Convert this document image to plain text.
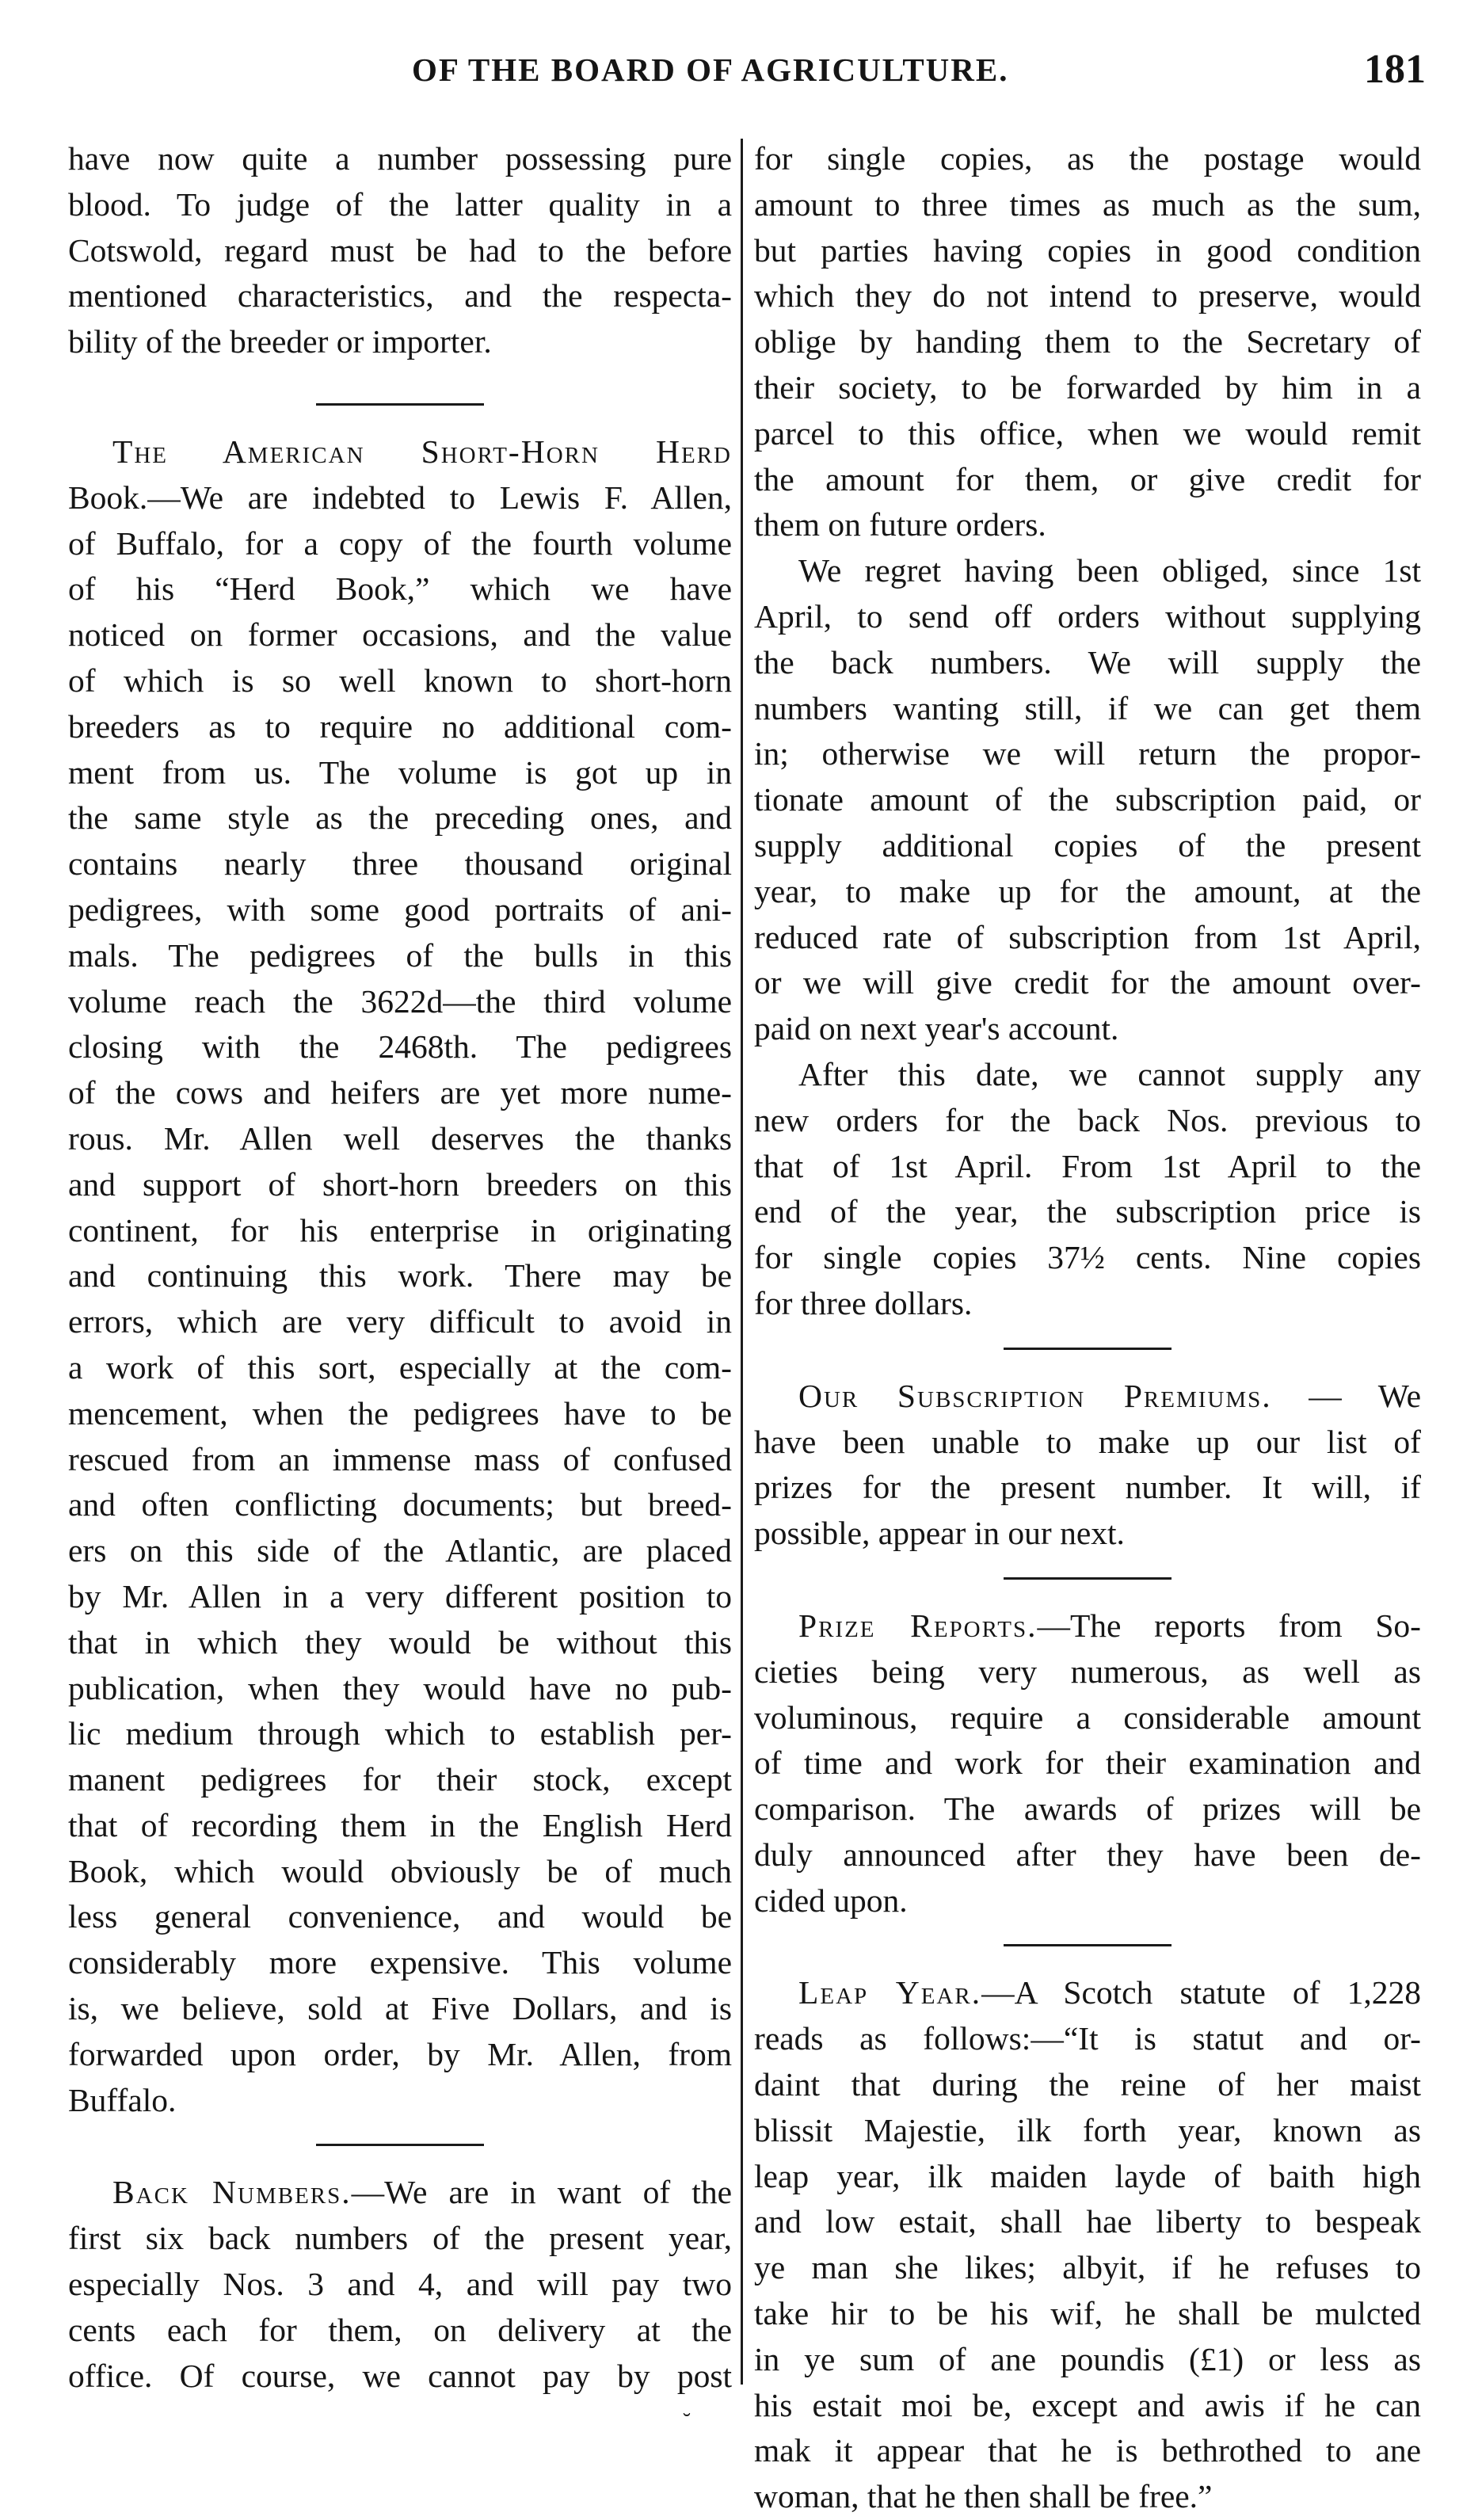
OF THE BOARD OF AGRICULTURE.	181
have now quite a number possessing pure
blood. To judge of the latter quality in a
Cotswold, regard must be had to the before
mentioned characteristics, and the respecta-
bility of the breeder or importer.
The American Short-Horn Herd
Book.—We are indebted to Lewis F. Allen,
of Buffalo, for a copy of the fourth volume
of his “Herd Book,” which we have
noticed on former occasions, and the value
of which is so well known to short-horn
breeders as to require no additional com-
ment from us. The volume is got up in
the same style as the preceding ones, and
contains nearly three thousand original
pedigrees, with some good portraits of ani-
mals. The pedigrees of the bulls in this
volume reach the 3622d—the third volume
closing with the 2468th. The pedigrees
of the cows and heifers are yet more nume-
rous. Mr. Allen well deserves the thanks
and support of short-horn breeders on this
continent, for his enterprise in originating
and continuing this work. There may be
errors, which are very difficult to avoid in
a work of this sort, especially at the com-
mencement, when the pedigrees have to be
rescued from an immense mass of confused
and often conflicting documents; but breed-
ers on this side of the Atlantic, are placed
by Mr. Allen in a very different position to
that in which they would be without this
publication, when they would have no pub-
lic medium through which to establish per-
manent pedigrees for their stock, except
that of recording them in the English Herd
Book, which would obviously be of much
less general convenience, and would be
considerably more expensive. This volume
is, we believe, sold at Five Dollars, and is
forwarded upon order, by Mr. Allen, from
Buffalo.
Back Numbers.—We are in want of the
first six back numbers of the present year,
especially Nos. 3 and 4, and will pay two
cents each for them, on delivery at the
office. Of course, we cannot pay by post
for single copies, as the postage would
amount to three times as much as the sum,
but parties having copies in good condition
which they do not intend to preserve, would
oblige by handing them to the Secretary of
their society, to be forwarded by him in a
parcel to this office, when we would remit
the amount for them, or give credit for
them on future orders.
We regret having been obliged, since 1st
April, to send off orders without supplying
the back numbers. We will supply the
numbers wanting still, if we can get them
in; otherwise we will return the propor-
tionate amount of the subscription paid, or
supply additional copies of the present
year, to make up for the amount, at the
reduced rate of subscription from 1st April,
or we will give credit for the amount over-
paid on next year's account.
After this date, we cannot supply any
new orders for the back Nos. previous to
that of 1st April. From 1st April to the
end of the year, the subscription price is
for single copies 37½ cents. Nine copies
for three dollars.
Our Subscription Premiums. — We
have been unable to make up our list of
prizes for the present number. It will, if
possible, appear in our next.
Prize Reports.—The reports from So-
cieties being very numerous, as well as
voluminous, require a considerable amount
of time and work for their examination and
comparison. The awards of prizes will be
duly announced after they have been de-
cided upon.
Leap Year.—A Scotch statute of 1,228
reads as follows:—“It is statut and or-
daint that during the reine of her maist
blissit Majestie, ilk forth year, known as
leap year, ilk maiden layde of baith high
and low estait, shall hae liberty to bespeak
ye man she likes; albyit, if he refuses to
take hir to be his wif, he shall be mulcted
in ye sum of ane poundis (£1) or less as
his estait moi be, except and awis if he can
mak it appear that he is bethrothed to ane
woman, that he then shall be free.”
˘
